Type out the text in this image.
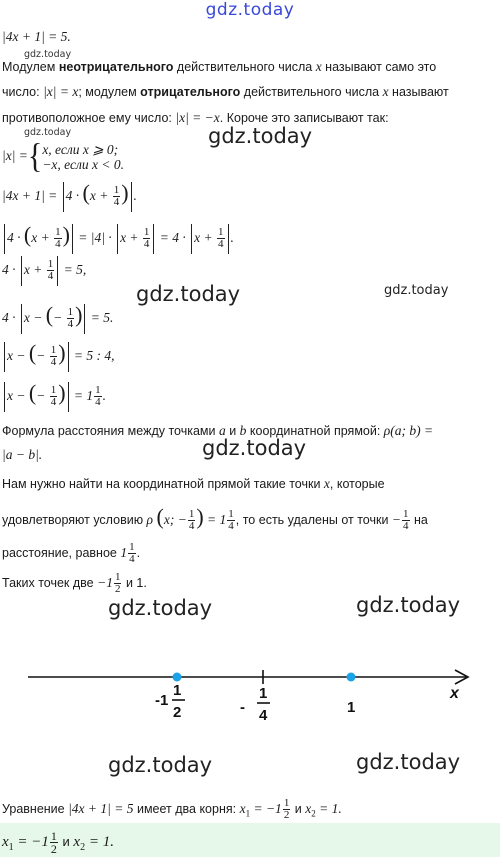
gdz.today
|4x + 1| = 5.
gdz.today
Модулем неотрицательного действительного числа x называют само это
число: |x| = x; модулем отрицательного действительного числа x называют
противоположное ему число: |x| = −x. Короче это записывают так:
gdz.today	gdz.today
|x| ={ x, если x ⩾ 0;
−x, если x < 0.
$|4x + 1| = 4 \cdot (x + \frac{1}{4}$ ) .
$4 \cdot (x + \frac{1}{4}$ ) = $|4| \cdot x + \frac{1}{4} = 4 \cdot x + \frac{1}{4}$ .
$4 \cdot x + \frac{1}{4} = 5$,
gdz.today	gdz.today
4 · x − (− $\frac{1}{4}$ ) = 5.
x − (− $\frac{1}{4}$ ) = 5 : 4,
x − (− $\frac{1}{4}$ ) = $1 \frac{1}{4}$ .
Формула расстояния между точками a и b координатной прямой: ρ(a; b) =
|a − b|.	gdz.today
Нам нужно найти на координатной прямой такие точки x, которые
удовлетворяют условию ρ (x; − $\frac{1}{4}$ ) = $1 \frac{1}{4}$ , то есть удалены от точки − $\frac{1}{4}$ на
расстояние, равное $1 \frac{1}{4}$ .
Таких точек две $-1 \frac{1}{2}$ и 1.
gdz.today	gdz.today
x
-1
1
2	-
1
4	1
gdz.today	gdz.today
Уравнение |4x + 1| = 5 имеет два корня: $x_1 = -1 \frac{1}{2}$ и $x_2 = 1$.
$x_1 = -1 \frac{1}{2}$ и $x_2 = 1$.
